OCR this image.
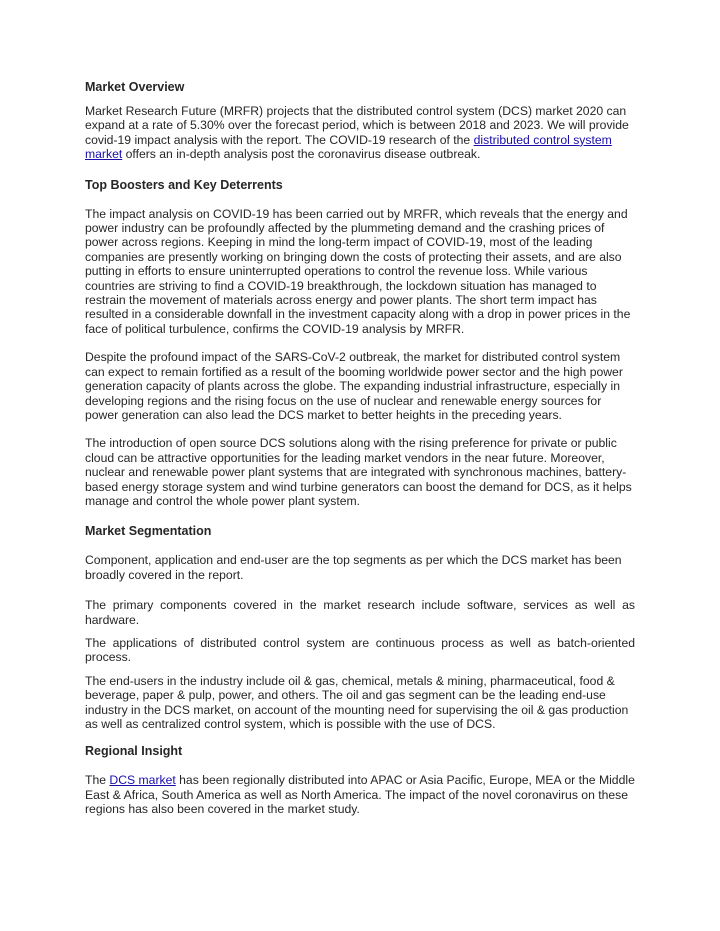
Market Overview

Market Research Future (MRFR) projects that the distributed control system (DCS) market 2020 can expand at a rate of 5.30% over the forecast period, which is between 2018 and 2023. We will provide covid-19 impact analysis with the report. The COVID-19 research of the distributed control system market offers an in-depth analysis post the coronavirus disease outbreak.

Top Boosters and Key Deterrents

The impact analysis on COVID-19 has been carried out by MRFR, which reveals that the energy and power industry can be profoundly affected by the plummeting demand and the crashing prices of power across regions. Keeping in mind the long-term impact of COVID-19, most of the leading companies are presently working on bringing down the costs of protecting their assets, and are also putting in efforts to ensure uninterrupted operations to control the revenue loss. While various countries are striving to find a COVID-19 breakthrough, the lockdown situation has managed to restrain the movement of materials across energy and power plants. The short term impact has resulted in a considerable downfall in the investment capacity along with a drop in power prices in the face of political turbulence, confirms the COVID-19 analysis by MRFR.

Despite the profound impact of the SARS-CoV-2 outbreak, the market for distributed control system can expect to remain fortified as a result of the booming worldwide power sector and the high power generation capacity of plants across the globe. The expanding industrial infrastructure, especially in developing regions and the rising focus on the use of nuclear and renewable energy sources for power generation can also lead the DCS market to better heights in the preceding years.

The introduction of open source DCS solutions along with the rising preference for private or public cloud can be attractive opportunities for the leading market vendors in the near future. Moreover, nuclear and renewable power plant systems that are integrated with synchronous machines, battery-based energy storage system and wind turbine generators can boost the demand for DCS, as it helps manage and control the whole power plant system.

Market Segmentation

Component, application and end-user are the top segments as per which the DCS market has been broadly covered in the report.

The primary components covered in the market research include software, services as well as hardware.

The applications of distributed control system are continuous process as well as batch-oriented process.

The end-users in the industry include oil & gas, chemical, metals & mining, pharmaceutical, food & beverage, paper & pulp, power, and others. The oil and gas segment can be the leading end-use industry in the DCS market, on account of the mounting need for supervising the oil & gas production as well as centralized control system, which is possible with the use of DCS.

Regional Insight

The DCS market has been regionally distributed into APAC or Asia Pacific, Europe, MEA or the Middle East & Africa, South America as well as North America. The impact of the novel coronavirus on these regions has also been covered in the market study.
